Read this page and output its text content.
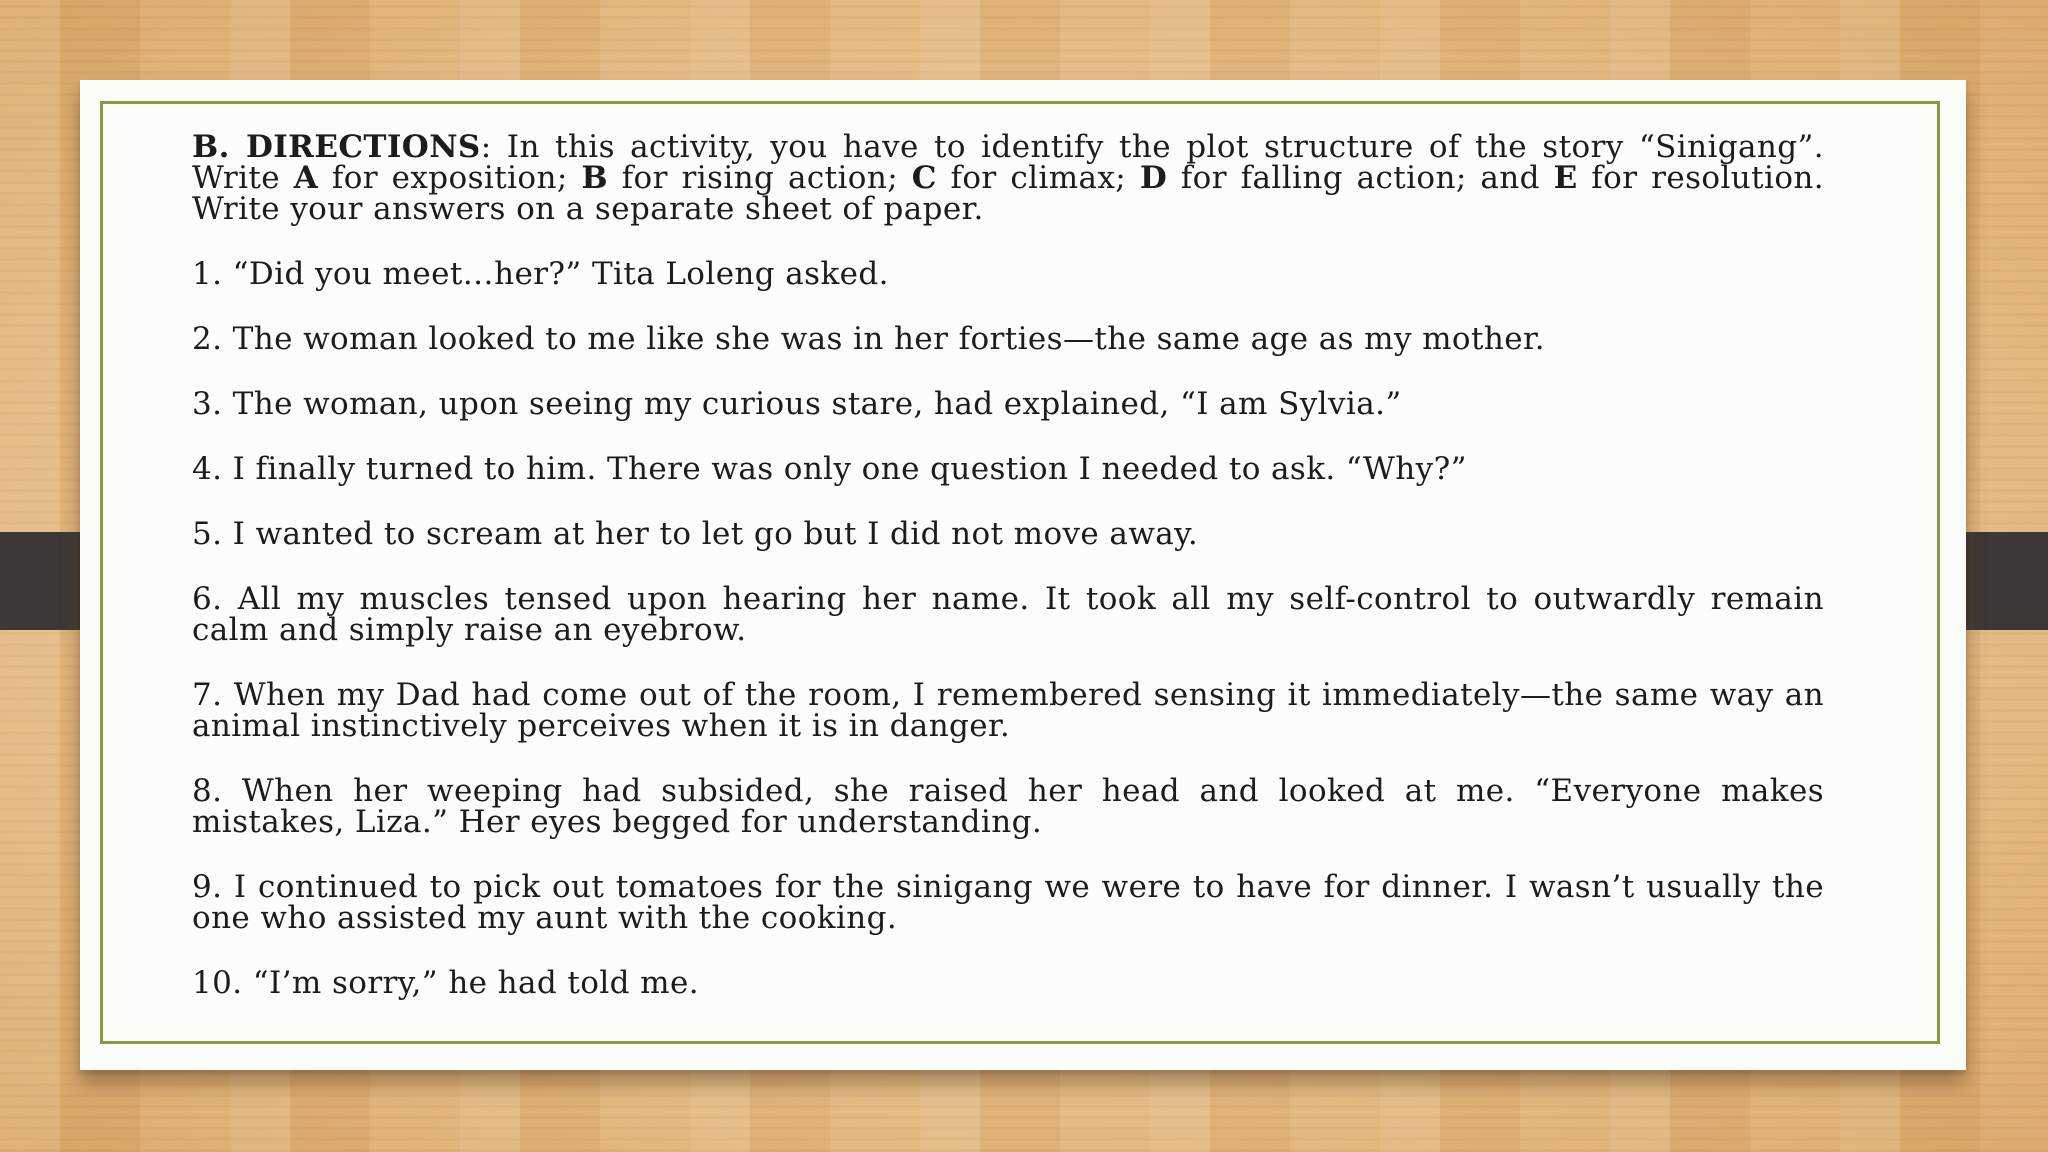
B. DIRECTIONS: In this activity, you have to identify the plot structure of the story “Sinigang”. Write A for exposition; B for rising action; C for climax; D for falling action; and E for resolution. Write your answers on a separate sheet of paper.

1. “Did you meet…her?” Tita Loleng asked.
2. The woman looked to me like she was in her forties—the same age as my mother.
3. The woman, upon seeing my curious stare, had explained, “I am Sylvia.”
4. I finally turned to him. There was only one question I needed to ask. “Why?”
5. I wanted to scream at her to let go but I did not move away.
6. All my muscles tensed upon hearing her name. It took all my self-control to outwardly remain calm and simply raise an eyebrow.
7. When my Dad had come out of the room, I remembered sensing it immediately—the same way an animal instinctively perceives when it is in danger.
8. When her weeping had subsided, she raised her head and looked at me. “Everyone makes mistakes, Liza.” Her eyes begged for understanding.
9. I continued to pick out tomatoes for the sinigang we were to have for dinner. I wasn’t usually the one who assisted my aunt with the cooking.
10. “I’m sorry,” he had told me.
